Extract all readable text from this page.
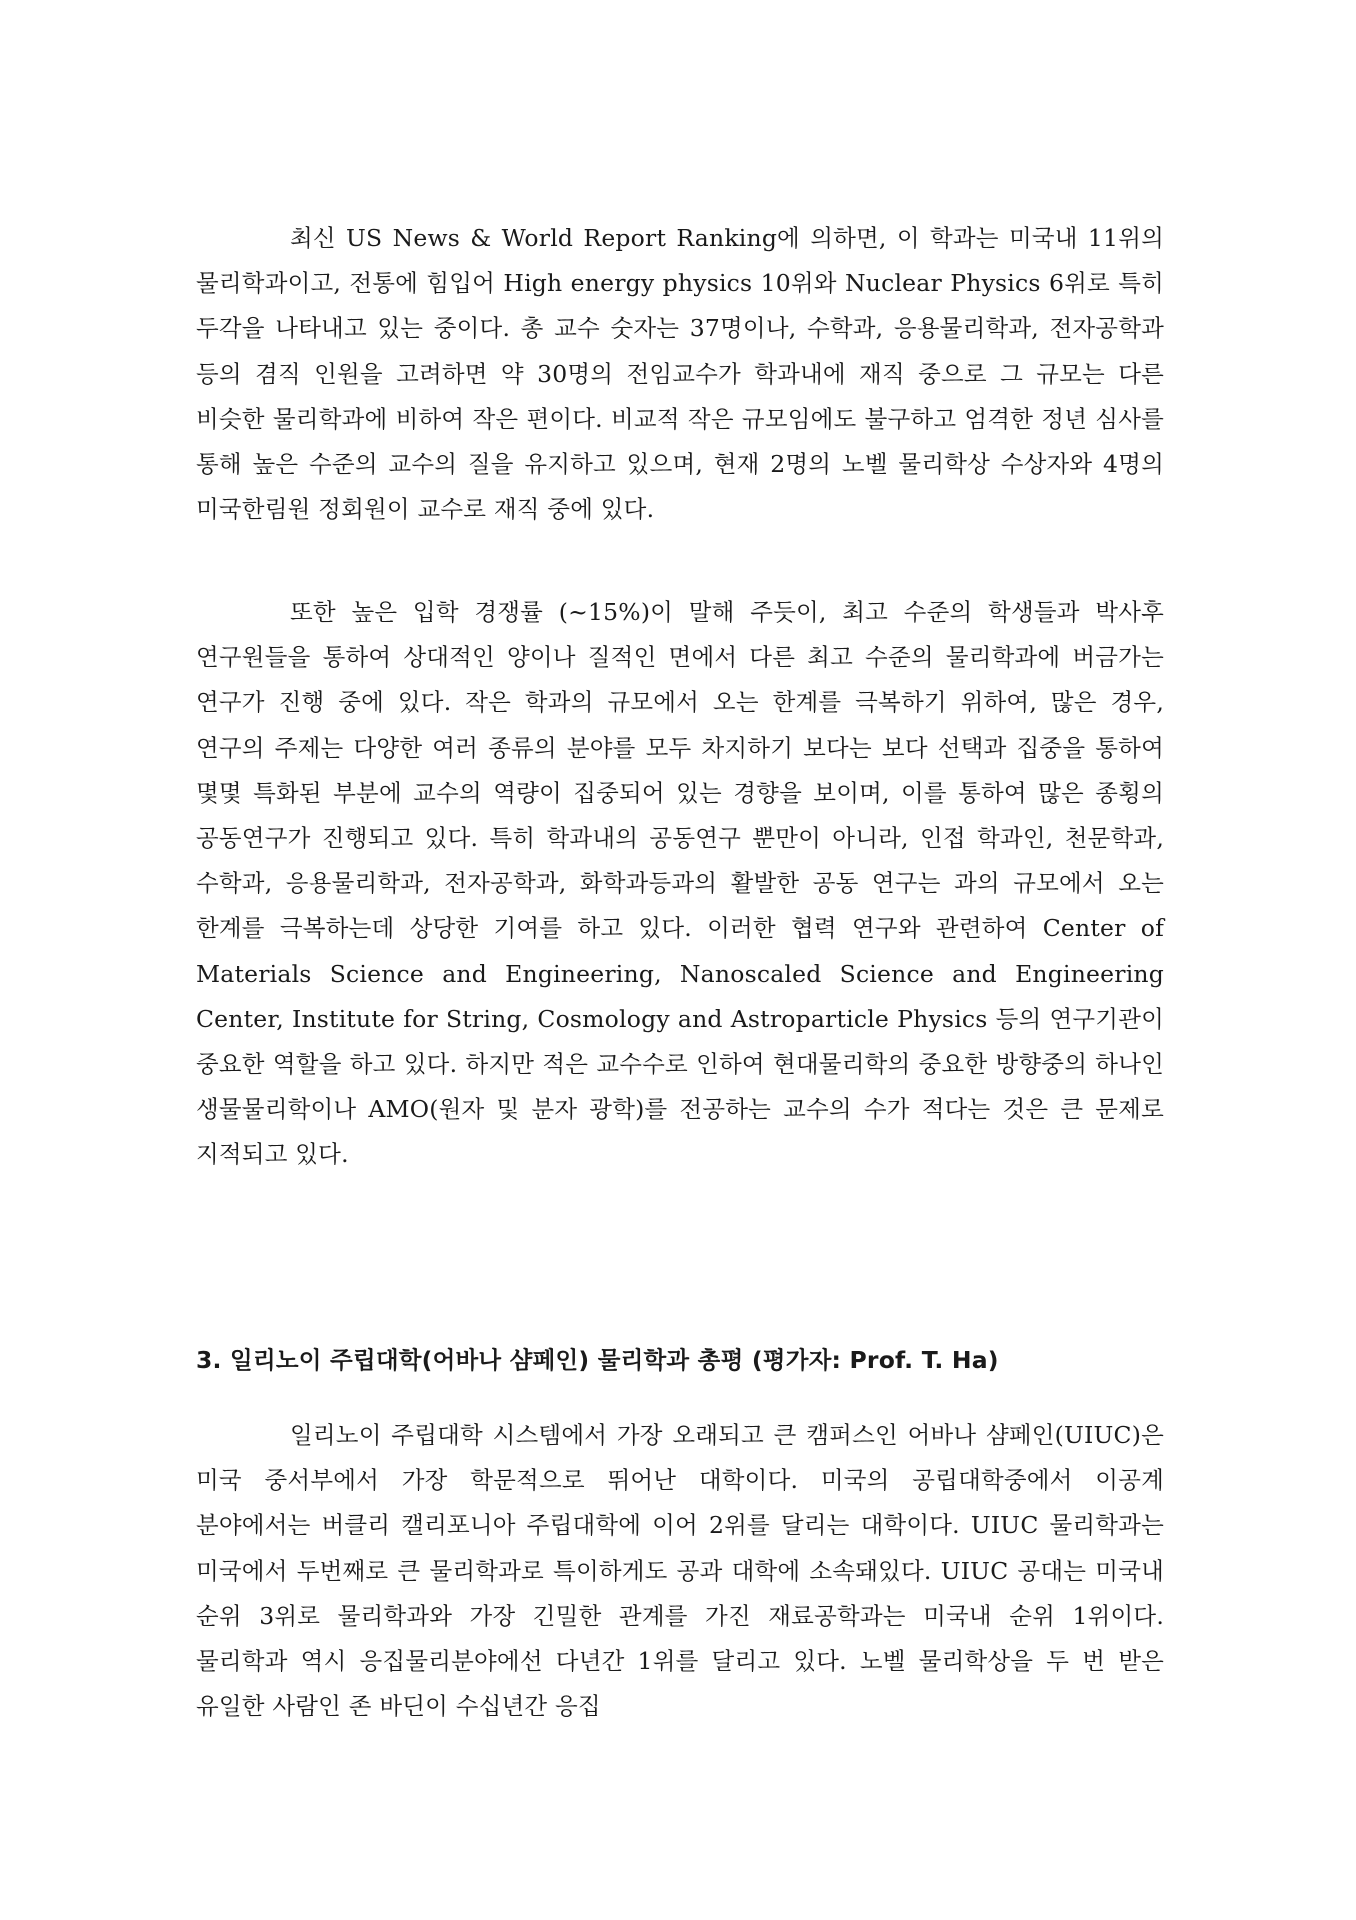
최신 US News & World Report Ranking에 의하면, 이 학과는 미국내 11위의 물리학과이고, 전통에 힘입어 High energy physics 10위와 Nuclear Physics 6위로 특히 두각을 나타내고 있는 중이다. 총 교수 숫자는 37명이나, 수학과, 응용물리학과, 전자공학과 등의 겸직 인원을 고려하면 약 30명의 전임교수가 학과내에 재직 중으로 그 규모는 다른 비슷한 물리학과에 비하여 작은 편이다. 비교적 작은 규모임에도 불구하고 엄격한 정년 심사를 통해 높은 수준의 교수의 질을 유지하고 있으며, 현재 2명의 노벨 물리학상 수상자와 4명의 미국한림원 정회원이 교수로 재직 중에 있다.

또한 높은 입학 경쟁률 (~15%)이 말해 주듯이, 최고 수준의 학생들과 박사후 연구원들을 통하여 상대적인 양이나 질적인 면에서 다른 최고 수준의 물리학과에 버금가는 연구가 진행 중에 있다. 작은 학과의 규모에서 오는 한계를 극복하기 위하여, 많은 경우, 연구의 주제는 다양한 여러 종류의 분야를 모두 차지하기 보다는 보다 선택과 집중을 통하여 몇몇 특화된 부분에 교수의 역량이 집중되어 있는 경향을 보이며, 이를 통하여 많은 종횡의 공동연구가 진행되고 있다. 특히 학과내의 공동연구 뿐만이 아니라, 인접 학과인, 천문학과, 수학과, 응용물리학과, 전자공학과, 화학과등과의 활발한 공동 연구는 과의 규모에서 오는 한계를 극복하는데 상당한 기여를 하고 있다. 이러한 협력 연구와 관련하여 Center of Materials Science and Engineering, Nanoscaled Science and Engineering Center, Institute for String, Cosmology and Astroparticle Physics 등의 연구기관이 중요한 역할을 하고 있다. 하지만 적은 교수수로 인하여 현대물리학의 중요한 방향중의 하나인 생물물리학이나 AMO(원자 및 분자 광학)를 전공하는 교수의 수가 적다는 것은 큰 문제로 지적되고 있다.

3. 일리노이 주립대학(어바나 샴페인) 물리학과 총평 (평가자: Prof. T. Ha)

일리노이 주립대학 시스템에서 가장 오래되고 큰 캠퍼스인 어바나 샴페인(UIUC)은 미국 중서부에서 가장 학문적으로 뛰어난 대학이다. 미국의 공립대학중에서 이공계 분야에서는 버클리 캘리포니아 주립대학에 이어 2위를 달리는 대학이다. UIUC 물리학과는 미국에서 두번째로 큰 물리학과로 특이하게도 공과 대학에 소속돼있다. UIUC 공대는 미국내 순위 3위로 물리학과와 가장 긴밀한 관계를 가진 재료공학과는 미국내 순위 1위이다. 물리학과 역시 응집물리분야에선 다년간 1위를 달리고 있다. 노벨 물리학상을 두 번 받은 유일한 사람인 존 바딘이 수십년간 응집
